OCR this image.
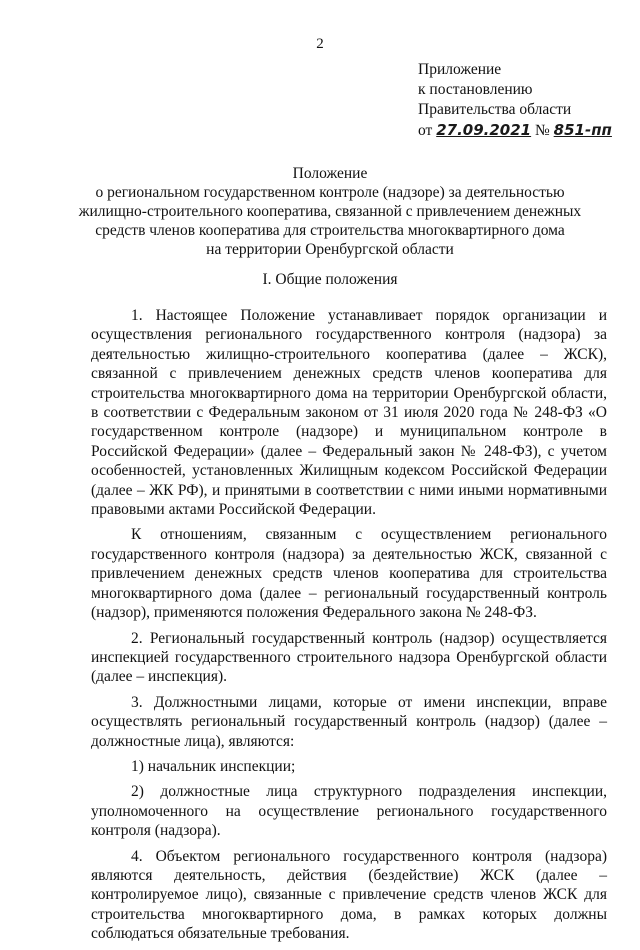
2
Приложение
к постановлению
Правительства области
от 27.09.2021 № 851-пп
Положение
о региональном государственном контроле (надзоре) за деятельностью
жилищно-строительного кооператива, связанной с привлечением денежных
средств членов кооператива для строительства многоквартирного дома
на территории Оренбургской области
I. Общие положения

1. Настоящее Положение устанавливает порядок организации и осуществления регионального государственного контроля (надзора) за деятельностью жилищно-строительного кооператива (далее – ЖСК), связанной с привлечением денежных средств членов кооператива для строительства многоквартирного дома на территории Оренбургской области, в соответствии с Федеральным законом от 31 июля 2020 года № 248-ФЗ «О государственном контроле (надзоре) и муниципальном контроле в Российской Федерации» (далее – Федеральный закон № 248-ФЗ), с учетом особенностей, установленных Жилищным кодексом Российской Федерации (далее – ЖК РФ), и принятыми в соответствии с ними иными нормативными правовыми актами Российской Федерации.

К отношениям, связанным с осуществлением регионального государственного контроля (надзора) за деятельностью ЖСК, связанной с привлечением денежных средств членов кооператива для строительства многоквартирного дома (далее – региональный государственный контроль (надзор), применяются положения Федерального закона № 248-ФЗ.

2. Региональный государственный контроль (надзор) осуществляется инспекцией государственного строительного надзора Оренбургской области (далее – инспекция).

3. Должностными лицами, которые от имени инспекции, вправе осуществлять региональный государственный контроль (надзор) (далее – должностные лица), являются:

1) начальник инспекции;

2) должностные лица структурного подразделения инспекции, уполномоченного на осуществление регионального государственного контроля (надзора).

4. Объектом регионального государственного контроля (надзора) являются деятельность, действия (бездействие) ЖСК (далее – контролируемое лицо), связанные с привлечение средств членов ЖСК для строительства многоквартирного дома, в рамках которых должны соблюдаться обязательные требования.
